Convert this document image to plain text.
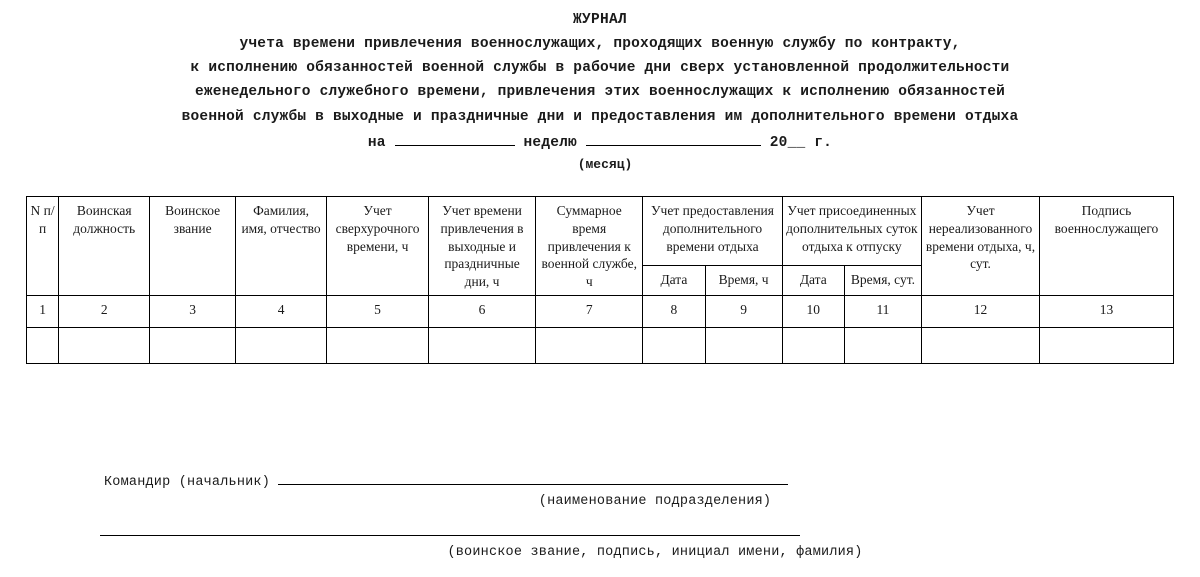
ЖУРНАЛ
учета времени привлечения военнослужащих, проходящих военную службу по контракту,
к исполнению обязанностей военной службы в рабочие дни сверх установленной продолжительности
еженедельного служебного времени, привлечения этих военнослужащих к исполнению обязанностей
военной службы в выходные и праздничные дни и предоставления им дополнительного времени отдыха
на	неделю	20__ г.
(месяц)
N п/п	Воинская должность	Воинское звание	Фамилия, имя, отчество	Учет сверхурочного времени, ч	Учет времени привлечения в выходные и праздничные дни, ч	Суммарное время привлечения к военной службе, ч	Учет предоставления дополнительного времени отдыха		Учет присоединенных дополнительных суток отдыха к отпуску		Учет нереализованного времени отдыха, ч, сут.	Подпись военнослужащего
							Дата	Время, ч	Дата	Время, сут.		
1	2	3	4	5	6	7	8	9	10	11	12	13

Командир (начальник)
(наименование подразделения)
(воинское звание, подпись, инициал имени, фамилия)
